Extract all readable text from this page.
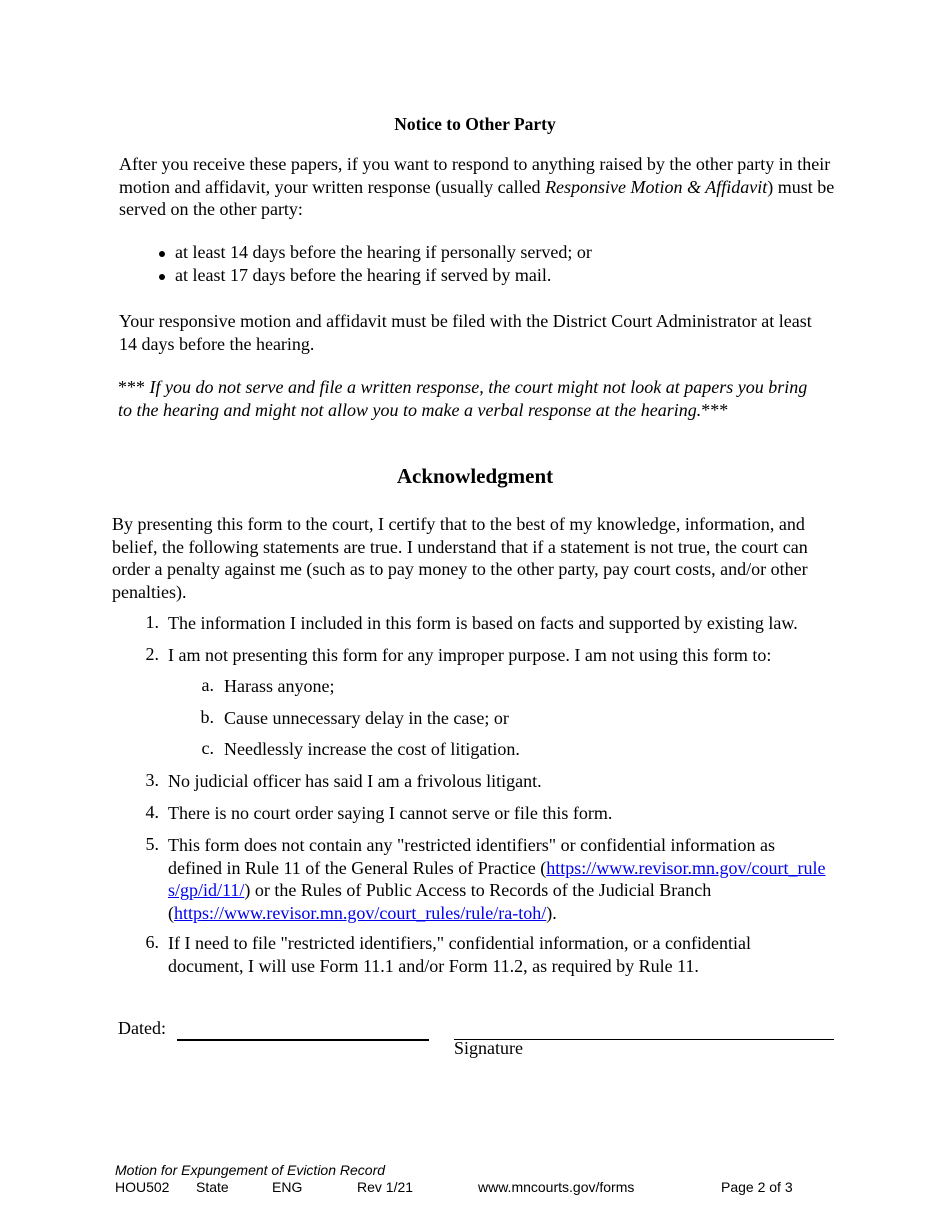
Notice to Other Party
After you receive these papers, if you want to respond to anything raised by the other party in their motion and affidavit, your written response (usually called Responsive Motion & Affidavit) must be served on the other party:
at least 14 days before the hearing if personally served; or
at least 17 days before the hearing if served by mail.
Your responsive motion and affidavit must be filed with the District Court Administrator at least 14 days before the hearing.
*** If you do not serve and file a written response, the court might not look at papers you bring to the hearing and might not allow you to make a verbal response at the hearing.***
Acknowledgment
By presenting this form to the court, I certify that to the best of my knowledge, information, and belief, the following statements are true. I understand that if a statement is not true, the court can order a penalty against me (such as to pay money to the other party, pay court costs, and/or other penalties).
1. The information I included in this form is based on facts and supported by existing law.
2. I am not presenting this form for any improper purpose. I am not using this form to:
a. Harass anyone;
b. Cause unnecessary delay in the case; or
c. Needlessly increase the cost of litigation.
3. No judicial officer has said I am a frivolous litigant.
4. There is no court order saying I cannot serve or file this form.
5. This form does not contain any "restricted identifiers" or confidential information as defined in Rule 11 of the General Rules of Practice (https://www.revisor.mn.gov/court_rules/gp/id/11/) or the Rules of Public Access to Records of the Judicial Branch (https://www.revisor.mn.gov/court_rules/rule/ra-toh/).
6. If I need to file "restricted identifiers," confidential information, or a confidential document, I will use Form 11.1 and/or Form 11.2, as required by Rule 11.
Dated:
Signature
Motion for Expungement of Eviction Record
HOU502 State	ENG	Rev 1/21	www.mncourts.gov/forms	Page 2 of 3
